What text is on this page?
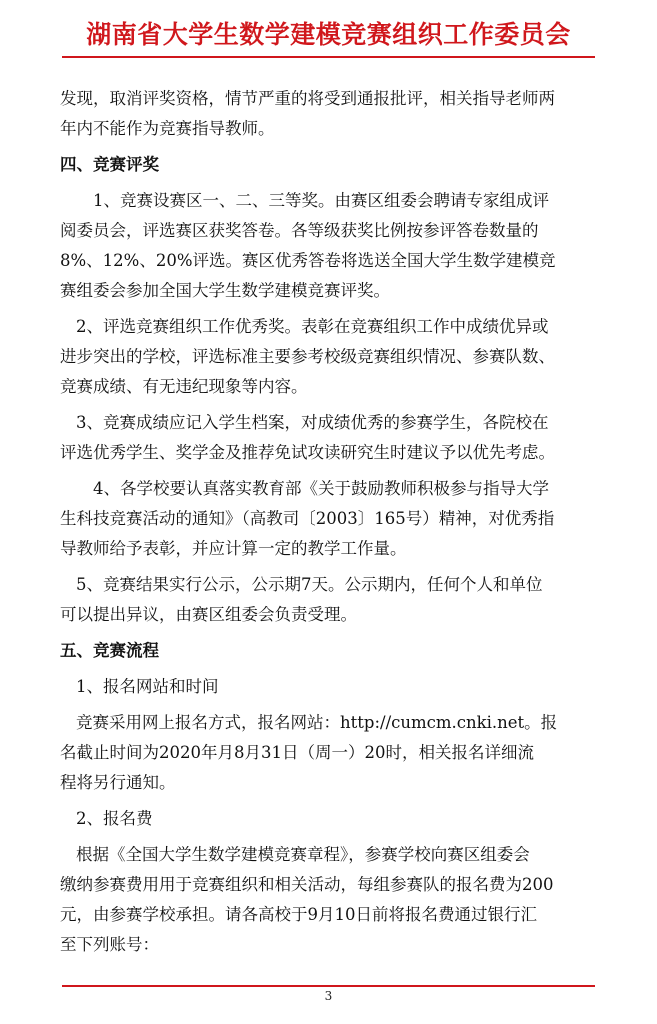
湖南省大学生数学建模竞赛组织工作委员会
发现，取消评奖资格，情节严重的将受到通报批评，相关指导老师两
年内不能作为竞赛指导教师。
四、竞赛评奖
1、竞赛设赛区一、二、三等奖。由赛区组委会聘请专家组成评
阅委员会，评选赛区获奖答卷。各等级获奖比例按参评答卷数量的
8%、12%、20%评选。赛区优秀答卷将选送全国大学生数学建模竞
赛组委会参加全国大学生数学建模竞赛评奖。
2、评选竞赛组织工作优秀奖。表彰在竞赛组织工作中成绩优异或
进步突出的学校，评选标准主要参考校级竞赛组织情况、参赛队数、
竞赛成绩、有无违纪现象等内容。
3、竞赛成绩应记入学生档案，对成绩优秀的参赛学生，各院校在
评选优秀学生、奖学金及推荐免试攻读研究生时建议予以优先考虑。
4、各学校要认真落实教育部《关于鼓励教师积极参与指导大学
生科技竞赛活动的通知》（高教司〔2003〕165号）精神，对优秀指
导教师给予表彰，并应计算一定的教学工作量。
5、竞赛结果实行公示，公示期7天。公示期内，任何个人和单位
可以提出异议，由赛区组委会负责受理。
五、竞赛流程
1、报名网站和时间
竞赛采用网上报名方式，报名网站：http://cumcm.cnki.net。报
名截止时间为2020年月8月31日（周一）20时，相关报名详细流
程将另行通知。
2、报名费
根据《全国大学生数学建模竞赛章程》，参赛学校向赛区组委会
缴纳参赛费用用于竞赛组织和相关活动，每组参赛队的报名费为200
元，由参赛学校承担。请各高校于9月10日前将报名费通过银行汇
至下列账号：
3
